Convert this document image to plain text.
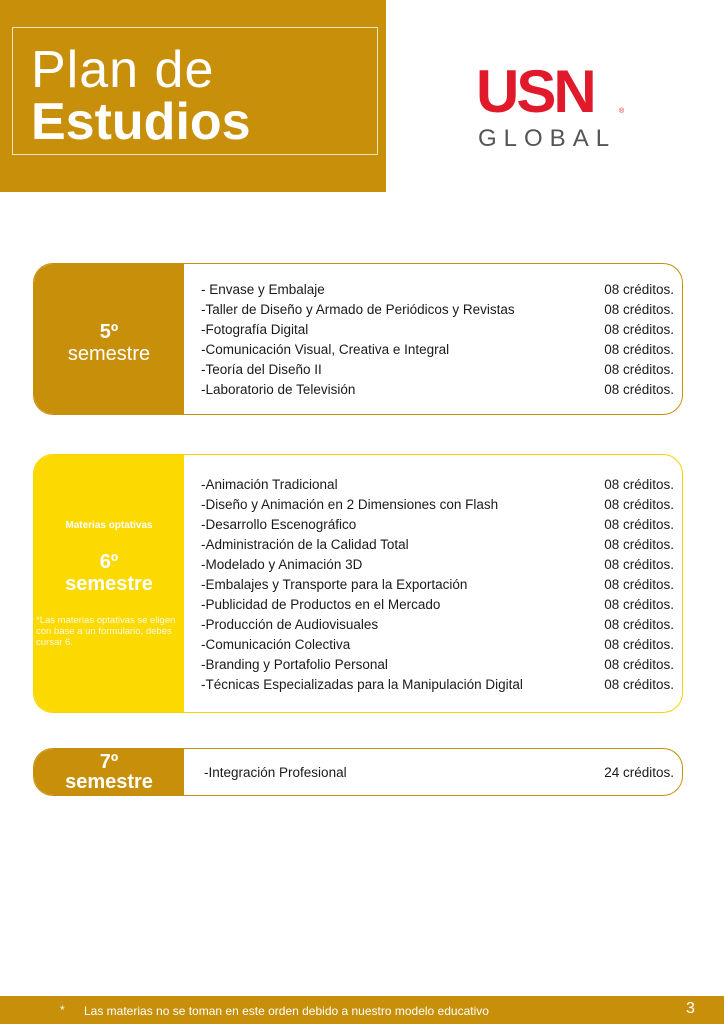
Plan de
Estudios	USN	®
GLOBAL
5º
semestre
- Envase y Embalaje	08 créditos.
-Taller de Diseño y Armado de Periódicos y Revistas	08 créditos.
-Fotografía Digital	08 créditos.
-Comunicación Visual, Creativa e Integral	08 créditos.
-Teoría del Diseño II	08 créditos.
-Laboratorio de Televisión	08 créditos.
Materias optativas
6º
semestre
*Las materias optativas se eligen con base a un formulario, debes cursar 6.
-Animación Tradicional	08 créditos.
-Diseño y Animación en 2 Dimensiones con Flash	08 créditos.
-Desarrollo Escenográfico	08 créditos.
-Administración de la Calidad Total	08 créditos.
-Modelado y Animación 3D	08 créditos.
-Embalajes y Transporte para la Exportación	08 créditos.
-Publicidad de Productos en el Mercado	08 créditos.
-Producción de Audiovisuales	08 créditos.
-Comunicación Colectiva	08 créditos.
-Branding y Portafolio Personal	08 créditos.
-Técnicas Especializadas para la Manipulación Digital	08 créditos.
7º
semestre	-Integración Profesional	24 créditos.
* Las materias no se toman en este orden debido a nuestro modelo educativo	3
